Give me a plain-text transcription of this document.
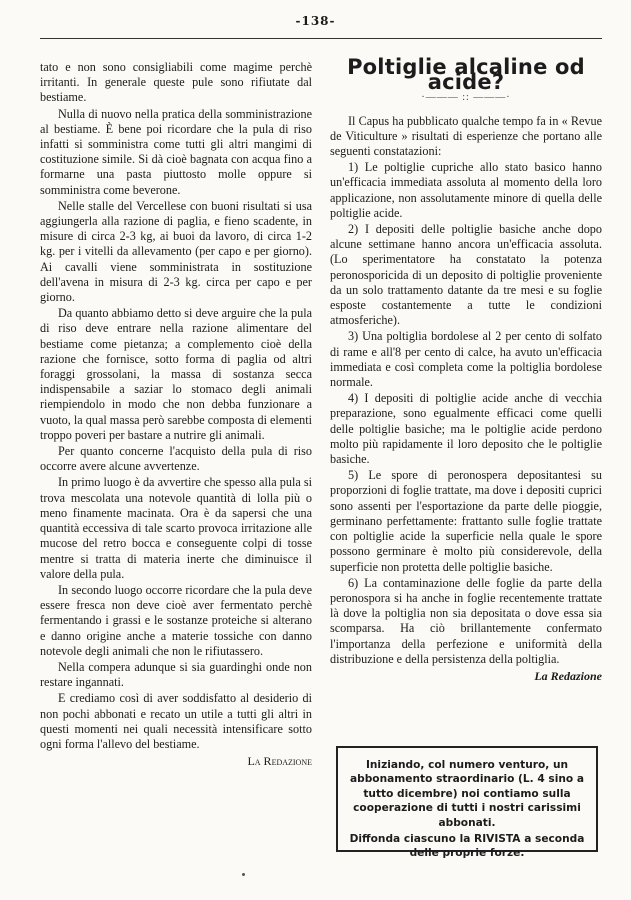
-138-

tato e non sono consigliabili come magime perchè irritanti. In generale queste pule sono rifiutate dal bestiame.

Nulla di nuovo nella pratica della somministrazione al bestiame. È bene poi ricordare che la pula di riso infatti si somministra come tutti gli altri mangimi di costituzione simile. Si dà cioè bagnata con acqua fino a formarne una pasta piuttosto molle oppure si somministra come beverone.

Nelle stalle del Vercellese con buoni risultati si usa aggiungerla alla razione di paglia, e fieno scadente, in misure di circa 2-3 kg, ai buoi da lavoro, di circa 1-2 kg. per i vitelli da allevamento (per capo e per giorno). Ai cavalli viene somministrata in sostituzione dell'avena in misura di 2-3 kg. circa per capo e per giorno.

Da quanto abbiamo detto si deve arguire che la pula di riso deve entrare nella razione alimentare del bestiame come pietanza; a complemento cioè della razione che fornisce, sotto forma di paglia od altri foraggi grossolani, la massa di sostanza secca indispensabile a saziar lo stomaco degli animali riempiendolo in modo che non debba funzionare a vuoto, la qual massa però sarebbe composta di elementi troppo poveri per bastare a nutrire gli animali.

Per quanto concerne l'acquisto della pula di riso occorre avere alcune avvertenze.

In primo luogo è da avvertire che spesso alla pula si trova mescolata una notevole quantità di lolla più o meno finamente macinata. Ora è da sapersi che una quantità eccessiva di tale scarto provoca irritazione alle mucose del retro bocca e conseguente colpi di tosse mentre si tratta di materia inerte che diminuisce il valore della pula.

In secondo luogo occorre ricordare che la pula deve essere fresca non deve cioè aver fermentato perchè fermentando i grassi e le sostanze proteiche si alterano e danno origine anche a materie tossiche con danno notevole degli animali che non le rifiutassero.

Nella compera adunque si sia guardinghi onde non restare ingannati.

E crediamo così di aver soddisfatto al desiderio di non pochi abbonati e recato un utile a tutti gli altri in questi momenti nei quali necessità intensificare sotto ogni forma l'allevo del bestiame.

La Redazione
Poltiglie alcaline od acide?
·——— :: ———·

Il Capus ha pubblicato qualche tempo fa in « Revue de Viticulture » risultati di esperienze che portano alle seguenti constatazioni:

1) Le poltiglie cupriche allo stato basico hanno un'efficacia immediata assoluta al momento della loro applicazione, non assolutamente minore di quella delle poltiglie acide.

2) I depositi delle poltiglie basiche anche dopo alcune settimane hanno ancora un'efficacia assoluta. (Lo sperimentatore ha constatato la potenza peronosporicida di un deposito di poltiglie proveniente da un solo trattamento datante da tre mesi e su foglie esposte costantemente a tutte le condizioni atmosferiche).

3) Una poltiglia bordolese al 2 per cento di solfato di rame e all'8 per cento di calce, ha avuto un'efficacia immediata e così completa come la poltiglia bordolese normale.

4) I depositi di poltiglie acide anche di vecchia preparazione, sono egualmente efficaci come quelli delle poltiglie basiche; ma le poltiglie acide perdono molto più rapidamente il loro deposito che le poltiglie basiche.

5) Le spore di peronospera depositantesi su proporzioni di foglie trattate, ma dove i depositi cuprici sono assenti per l'esportazione da parte delle pioggie, germinano perfettamente: frattanto sulle foglie trattate con poltiglie acide la superficie nella quale le spore possono germinare è molto più considerevole, della superficie non protetta delle poltiglie basiche.

6) La contaminazione delle foglie da parte della peronospora si ha anche in foglie recentemente trattate là dove la poltiglia non sia depositata o dove essa sia scomparsa. Ha ciò brillantemente confermato l'importanza della perfezione e uniformità della distribuzione e della persistenza della poltiglia.

La Redazione

Iniziando, col numero venturo, un abbonamento straordinario (L. 4 sino a tutto dicembre) noi contiamo sulla cooperazione di tutti i nostri carissimi abbonati.

Diffonda ciascuno la RIVISTA a seconda delle proprie forze.
